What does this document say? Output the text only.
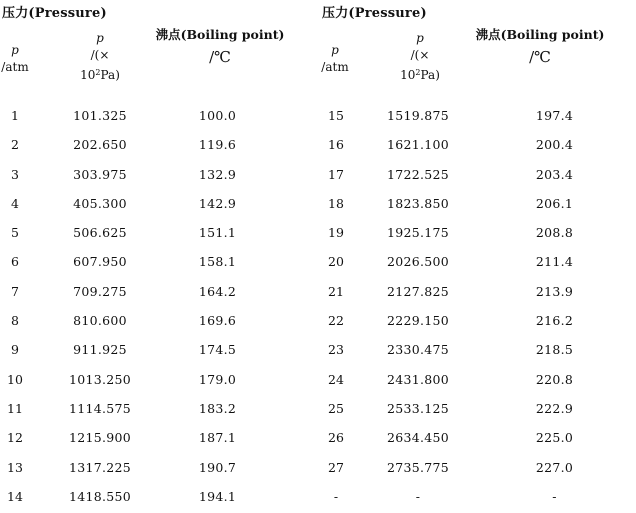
压力(Pressure)
p
/atm
p
/(×
$10^2Pa$)
沸点(Boiling point)
/℃
1	101.325	100.0
2	202.650	119.6
3	303.975	132.9
4	405.300	142.9
5	506.625	151.1
6	607.950	158.1
7	709.275	164.2
8	810.600	169.6
9	911.925	174.5
10	1013.250	179.0
11	1114.575	183.2
12	1215.900	187.1
13	1317.225	190.7
14	1418.550	194.1
压力(Pressure)
p
/atm
p
/(×
$10^2Pa$)
沸点(Boiling point)
/℃
15	1519.875	197.4
16	1621.100	200.4
17	1722.525	203.4
18	1823.850	206.1
19	1925.175	208.8
20	2026.500	211.4
21	2127.825	213.9
22	2229.150	216.2
23	2330.475	218.5
24	2431.800	220.8
25	2533.125	222.9
26	2634.450	225.0
27	2735.775	227.0
-	-	-
